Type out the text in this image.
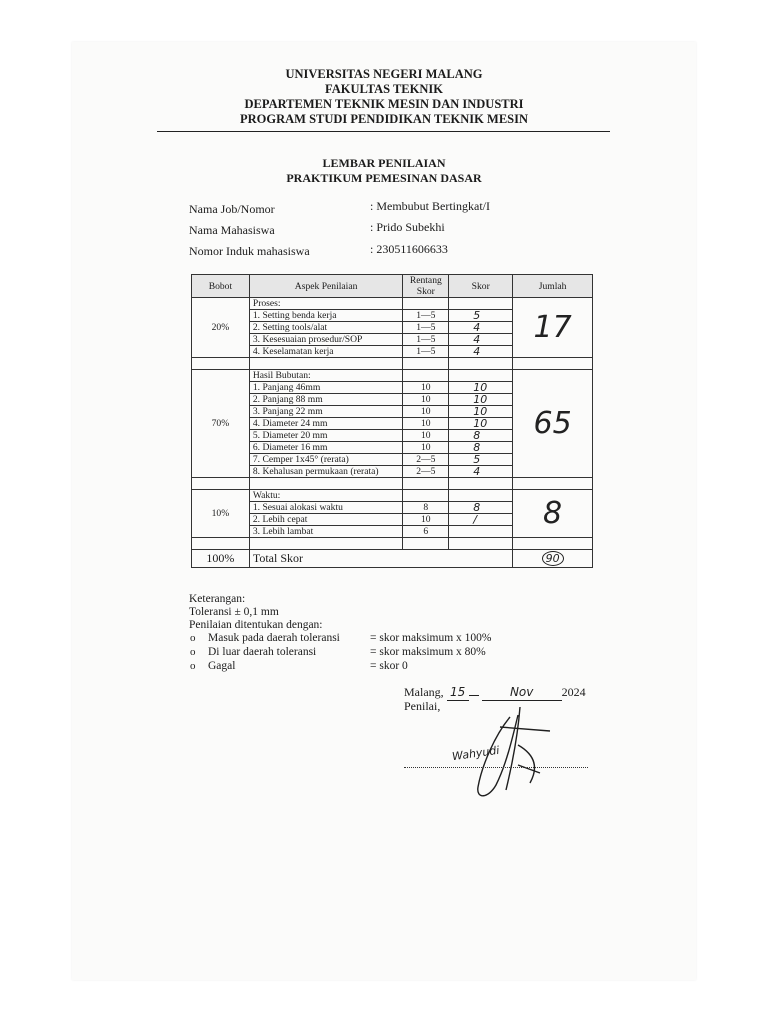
UNIVERSITAS NEGERI MALANG
FAKULTAS TEKNIK
DEPARTEMEN TEKNIK MESIN DAN INDUSTRI
PROGRAM STUDI PENDIDIKAN TEKNIK MESIN
LEMBAR PENILAIAN
PRAKTIKUM PEMESINAN DASAR
Nama Job/Nomor	: Membubut Bertingkat/I
Nama Mahasiswa	: Prido Subekhi
Nomor Induk mahasiswa	: 230511606633
Bobot	Aspek Penilaian	Rentang Skor	Skor	Jumlah
20%	Proses:			17
	1. Setting benda kerja	1—5	5	
	2. Setting tools/alat	1—5	4	
	3. Kesesuaian prosedur/SOP	1—5	4	
	4. Keselamatan kerja	1—5	4	

70%	Hasil Bubutan:			65
	1. Panjang 46mm	10	10	
	2. Panjang 88 mm	10	10	
	3. Panjang 22 mm	10	10	
	4. Diameter 24 mm	10	10	
	5. Diameter 20 mm	10	8	
	6. Diameter 16 mm	10	8	
	7. Cemper 1x45° (rerata)	2—5	5	
	8. Kehalusan permukaan (rerata)	2—5	4	

10%	Waktu:			8
	1. Sesuai alokasi waktu	8	8	
	2. Lebih cepat	10	/	
	3. Lebih lambat	6		

100%	Total Skor			90
Keterangan:
Toleransi ± 0,1 mm
Penilaian ditentukan dengan:
o Masuk pada daerah toleransi	= skor maksimum x 100%
o Di luar daerah toleransi	= skor maksimum x 80%
o Gagal	= skor 0
Malang, 15	Nov 2024
Penilai,
Wahyudi
